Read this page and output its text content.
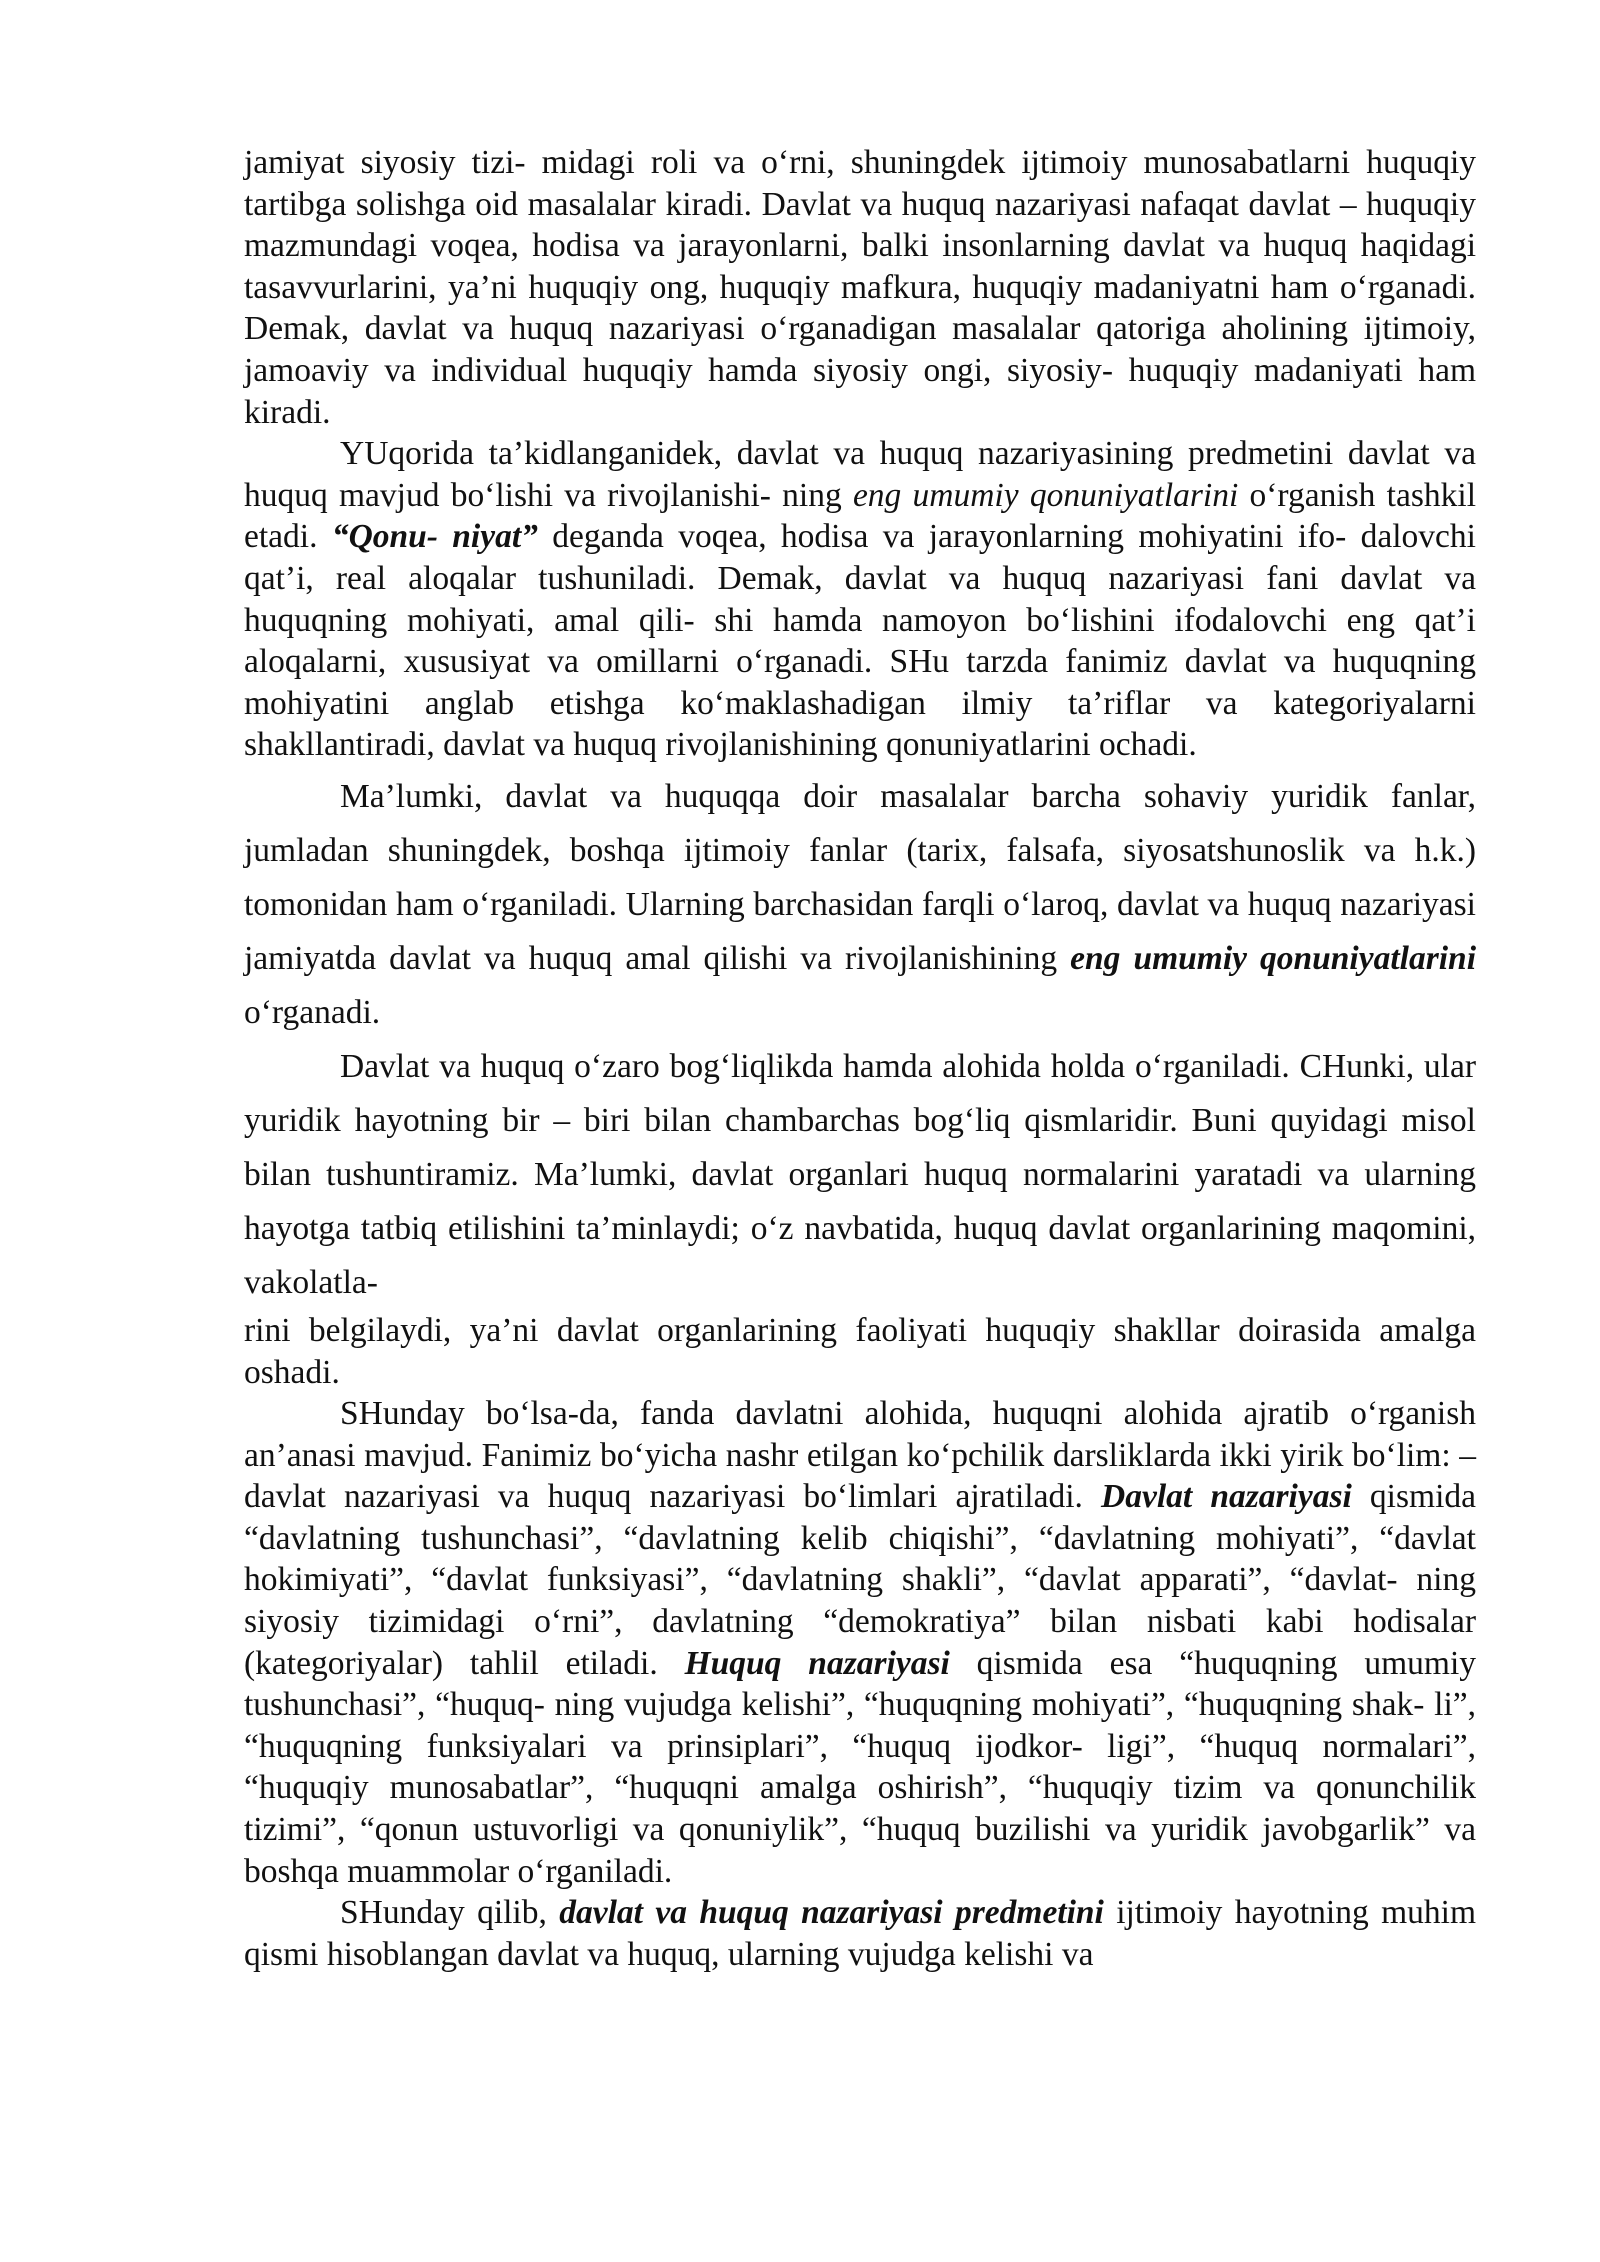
jamiyat siyosiy tizi- midagi roli va o‘rni, shuningdek ijtimoiy munosabatlarni huquqiy tartibga solishga oid masalalar kiradi. Davlat va huquq nazariyasi nafaqat davlat – huquqiy mazmundagi voqea, hodisa va jarayonlarni, balki insonlarning davlat va huquq haqidagi tasavvurlarini, ya’ni huquqiy ong, huquqiy mafkura, huquqiy madaniyatni ham o‘rganadi. Demak, davlat va huquq nazariyasi o‘rganadigan masalalar qatoriga aholining ijtimoiy, jamoaviy va individual huquqiy hamda siyosiy ongi, siyosiy- huquqiy madaniyati ham kiradi.

YUqorida ta’kidlanganidek, davlat va huquq nazariyasining predmetini davlat va huquq mavjud bo‘lishi va rivojlanishi- ning eng umumiy qonuniyatlarini o‘rganish tashkil etadi. “Qonu- niyat” deganda voqea, hodisa va jarayonlarning mohiyatini ifo- dalovchi qat’i, real aloqalar tushuniladi. Demak, davlat va huquq nazariyasi fani davlat va huquqning mohiyati, amal qili- shi hamda namoyon bo‘lishini ifodalovchi eng qat’i aloqalarni, xususiyat va omillarni o‘rganadi. SHu tarzda fanimiz davlat va huquqning mohiyatini anglab etishga ko‘maklashadigan ilmiy ta’riflar va kategoriyalarni shakllantiradi, davlat va huquq rivojlanishining qonuniyatlarini ochadi.

Ma’lumki, davlat va huquqqa doir masalalar barcha sohaviy yuridik fanlar, jumladan shuningdek, boshqa ijtimoiy fanlar (tarix, falsafa, siyosatshunoslik va h.k.) tomonidan ham o‘rganiladi. Ularning barchasidan farqli o‘laroq, davlat va huquq nazariyasi jamiyatda davlat va huquq amal qilishi va rivojlanishining eng umumiy qonuniyatlarini o‘rganadi.

Davlat va huquq o‘zaro bog‘liqlikda hamda alohida holda o‘rganiladi. CHunki, ular yuridik hayotning bir – biri bilan chambarchas bog‘liq qismlaridir. Buni quyidagi misol bilan tushuntiramiz. Ma’lumki, davlat organlari huquq normalarini yaratadi va ularning hayotga tatbiq etilishini ta’minlaydi; o‘z navbatida, huquq davlat organlarining maqomini, vakolatla-

rini belgilaydi, ya’ni davlat organlarining faoliyati huquqiy shakllar doirasida amalga oshadi.

SHunday bo‘lsa-da, fanda davlatni alohida, huquqni alohida ajratib o‘rganish an’anasi mavjud. Fanimiz bo‘yicha nashr etilgan ko‘pchilik darsliklarda ikki yirik bo‘lim: – davlat nazariyasi va huquq nazariyasi bo‘limlari ajratiladi. Davlat nazariyasi qismida “davlatning tushunchasi”, “davlatning kelib chiqishi”, “davlatning mohiyati”, “davlat hokimiyati”, “davlat funksiyasi”, “davlatning shakli”, “davlat apparati”, “davlat- ning siyosiy tizimidagi o‘rni”, davlatning “demokratiya” bilan nisbati kabi hodisalar (kategoriyalar) tahlil etiladi. Huquq nazariyasi qismida esa “huquqning umumiy tushunchasi”, “huquq- ning vujudga kelishi”, “huquqning mohiyati”, “huquqning shak- li”, “huquqning funksiyalari va prinsiplari”, “huquq ijodkor- ligi”, “huquq normalari”, “huquqiy munosabatlar”, “huquqni amalga oshirish”, “huquqiy tizim va qonunchilik tizimi”, “qonun ustuvorligi va qonuniylik”, “huquq buzilishi va yuridik javobgarlik” va boshqa muammolar o‘rganiladi.

SHunday qilib, davlat va huquq nazariyasi predmetini ijtimoiy hayotning muhim qismi hisoblangan davlat va huquq, ularning vujudga kelishi va
